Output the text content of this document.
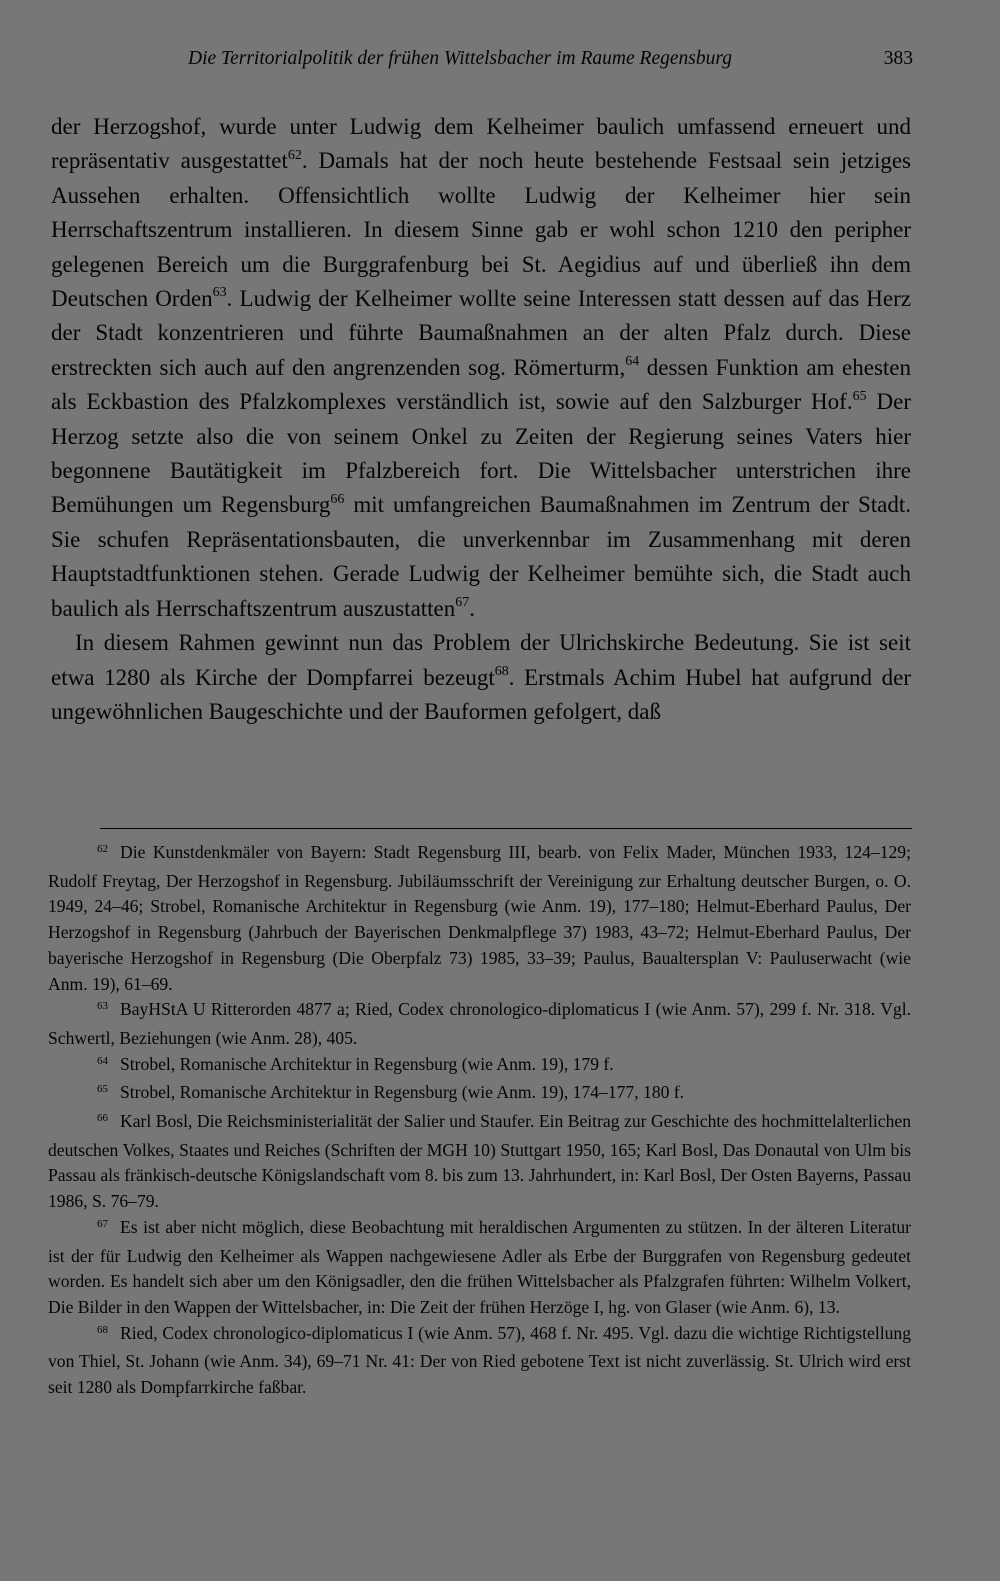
Die Territorialpolitik der frühen Wittelsbacher im Raume Regensburg	383

der Herzogshof, wurde unter Ludwig dem Kelheimer baulich umfassend erneuert und repräsentativ ausgestattet$^{62}$. Damals hat der noch heute bestehende Festsaal sein jetziges Aussehen erhalten. Offensichtlich wollte Ludwig der Kelheimer hier sein Herrschaftszentrum installieren. In diesem Sinne gab er wohl schon 1210 den peripher gelegenen Bereich um die Burggrafenburg bei St. Aegidius auf und überließ ihn dem Deutschen Orden$^{63}$. Ludwig der Kelheimer wollte seine Interessen statt dessen auf das Herz der Stadt konzentrieren und führte Baumaßnahmen an der alten Pfalz durch. Diese erstreckten sich auch auf den angrenzenden sog. Römerturm,$^{64}$ dessen Funktion am ehesten als Eckbastion des Pfalzkomplexes verständlich ist, sowie auf den Salzburger Hof.$^{65}$ Der Herzog setzte also die von seinem Onkel zu Zeiten der Regierung seines Vaters hier begonnene Bautätigkeit im Pfalzbereich fort. Die Wittelsbacher unterstrichen ihre Bemühungen um Regensburg$^{66}$ mit umfangreichen Baumaßnahmen im Zentrum der Stadt. Sie schufen Repräsentationsbauten, die unverkennbar im Zusammenhang mit deren Hauptstadtfunktionen stehen. Gerade Ludwig der Kelheimer bemühte sich, die Stadt auch baulich als Herrschaftszentrum auszustatten$^{67}$.

In diesem Rahmen gewinnt nun das Problem der Ulrichskirche Bedeutung. Sie ist seit etwa 1280 als Kirche der Dompfarrei bezeugt$^{68}$. Erstmals Achim Hubel hat aufgrund der ungewöhnlichen Baugeschichte und der Bauformen gefolgert, daß

$^{62}$ Die Kunstdenkmäler von Bayern: Stadt Regensburg III, bearb. von Felix Mader, München 1933, 124–129; Rudolf Freytag, Der Herzogshof in Regensburg. Jubiläumsschrift der Vereinigung zur Erhaltung deutscher Burgen, o. O. 1949, 24–46; Strobel, Romanische Architektur in Regensburg (wie Anm. 19), 177–180; Helmut-Eberhard Paulus, Der Herzogshof in Regensburg (Jahrbuch der Bayerischen Denkmalpflege 37) 1983, 43–72; Helmut-Eberhard Paulus, Der bayerische Herzogshof in Regensburg (Die Oberpfalz 73) 1985, 33–39; Paulus, Baualtersplan V: Pauluserwacht (wie Anm. 19), 61–69.

$^{63}$ BayHStA U Ritterorden 4877 a; Ried, Codex chronologico-diplomaticus I (wie Anm. 57), 299 f. Nr. 318. Vgl. Schwertl, Beziehungen (wie Anm. 28), 405.

$^{64}$ Strobel, Romanische Architektur in Regensburg (wie Anm. 19), 179 f.

$^{65}$ Strobel, Romanische Architektur in Regensburg (wie Anm. 19), 174–177, 180 f.

$^{66}$ Karl Bosl, Die Reichsministerialität der Salier und Staufer. Ein Beitrag zur Geschichte des hochmittelalterlichen deutschen Volkes, Staates und Reiches (Schriften der MGH 10) Stuttgart 1950, 165; Karl Bosl, Das Donautal von Ulm bis Passau als fränkisch-deutsche Königslandschaft vom 8. bis zum 13. Jahrhundert, in: Karl Bosl, Der Osten Bayerns, Passau 1986, S. 76–79.

$^{67}$ Es ist aber nicht möglich, diese Beobachtung mit heraldischen Argumenten zu stützen. In der älteren Literatur ist der für Ludwig den Kelheimer als Wappen nachgewiesene Adler als Erbe der Burggrafen von Regensburg gedeutet worden. Es handelt sich aber um den Königsadler, den die frühen Wittelsbacher als Pfalzgrafen führten: Wilhelm Volkert, Die Bilder in den Wappen der Wittelsbacher, in: Die Zeit der frühen Herzöge I, hg. von Glaser (wie Anm. 6), 13.

$^{68}$ Ried, Codex chronologico-diplomaticus I (wie Anm. 57), 468 f. Nr. 495. Vgl. dazu die wichtige Richtigstellung von Thiel, St. Johann (wie Anm. 34), 69–71 Nr. 41: Der von Ried gebotene Text ist nicht zuverlässig. St. Ulrich wird erst seit 1280 als Dompfarrkirche faßbar.
